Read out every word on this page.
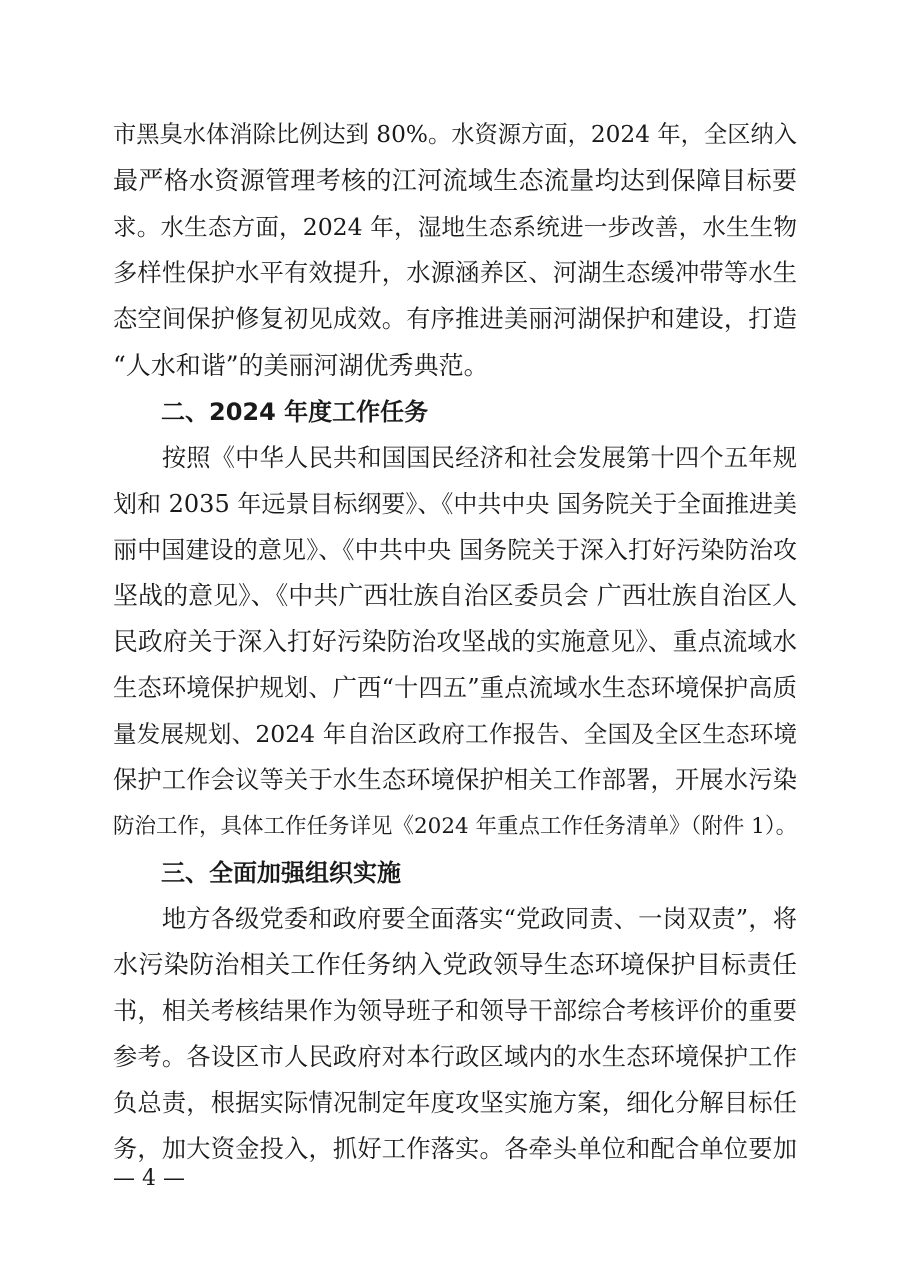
市黑臭水体消除比例达到 80%。水资源方面，2024 年，全区纳入
最严格水资源管理考核的江河流域生态流量均达到保障目标要
求。水生态方面，2024 年，湿地生态系统进一步改善，水生生物
多样性保护水平有效提升，水源涵养区、河湖生态缓冲带等水生
态空间保护修复初见成效。有序推进美丽河湖保护和建设，打造
“人水和谐”的美丽河湖优秀典范。
　　二、2024 年度工作任务
　　按照《中华人民共和国国民经济和社会发展第十四个五年规
划和 2035 年远景目标纲要》、《中共中央 国务院关于全面推进美
丽中国建设的意见》、《中共中央 国务院关于深入打好污染防治攻
坚战的意见》、《中共广西壮族自治区委员会 广西壮族自治区人
民政府关于深入打好污染防治攻坚战的实施意见》、重点流域水
生态环境保护规划、广西“十四五”重点流域水生态环境保护高质
量发展规划、2024 年自治区政府工作报告、全国及全区生态环境
保护工作会议等关于水生态环境保护相关工作部署，开展水污染
防治工作，具体工作任务详见《2024 年重点工作任务清单》（附件 1）。
　　三、全面加强组织实施
　　地方各级党委和政府要全面落实“党政同责、一岗双责”，将
水污染防治相关工作任务纳入党政领导生态环境保护目标责任
书，相关考核结果作为领导班子和领导干部综合考核评价的重要
参考。各设区市人民政府对本行政区域内的水生态环境保护工作
负总责，根据实际情况制定年度攻坚实施方案，细化分解目标任
务，加大资金投入，抓好工作落实。各牵头单位和配合单位要加
— 4 —
